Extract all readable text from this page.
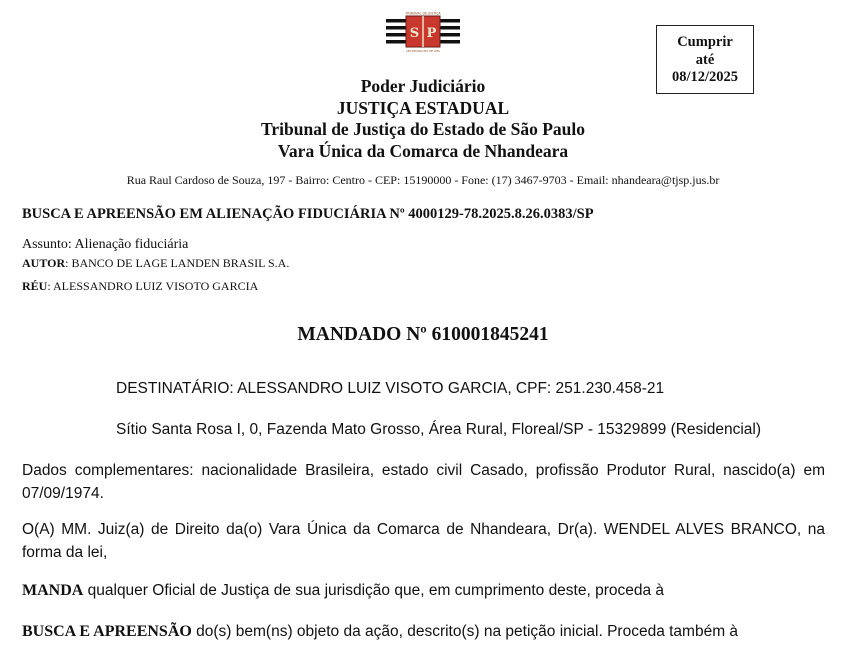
S P
TRIBUNAL DE JUSTIÇA
LEX DEVOLUTIO DE IATA
Cumprir
até
08/12/2025
Poder Judiciário
JUSTIÇA ESTADUAL
Tribunal de Justiça do Estado de São Paulo
Vara Única da Comarca de Nhandeara
Rua Raul Cardoso de Souza, 197 - Bairro: Centro - CEP: 15190000 - Fone: (17) 3467-9703 - Email: nhandeara@tjsp.jus.br
BUSCA E APREENSÃO EM ALIENAÇÃO FIDUCIÁRIA Nº 4000129-78.2025.8.26.0383/SP
Assunto: Alienação fiduciária
AUTOR: BANCO DE LAGE LANDEN BRASIL S.A.
RÉU: ALESSANDRO LUIZ VISOTO GARCIA
MANDADO Nº 610001845241
DESTINATÁRIO: ALESSANDRO LUIZ VISOTO GARCIA, CPF: 251.230.458-21
Sítio Santa Rosa I, 0, Fazenda Mato Grosso, Área Rural, Floreal/SP - 15329899 (Residencial)
Dados complementares: nacionalidade Brasileira, estado civil Casado, profissão Produtor Rural, nascido(a) em 07/09/1974.
O(A) MM. Juiz(a) de Direito da(o) Vara Única da Comarca de Nhandeara, Dr(a). WENDEL ALVES BRANCO, na forma da lei,
MANDA qualquer Oficial de Justiça de sua jurisdição que, em cumprimento deste, proceda à
BUSCA E APREENSÃO do(s) bem(ns) objeto da ação, descrito(s) na petição inicial. Proceda também à
